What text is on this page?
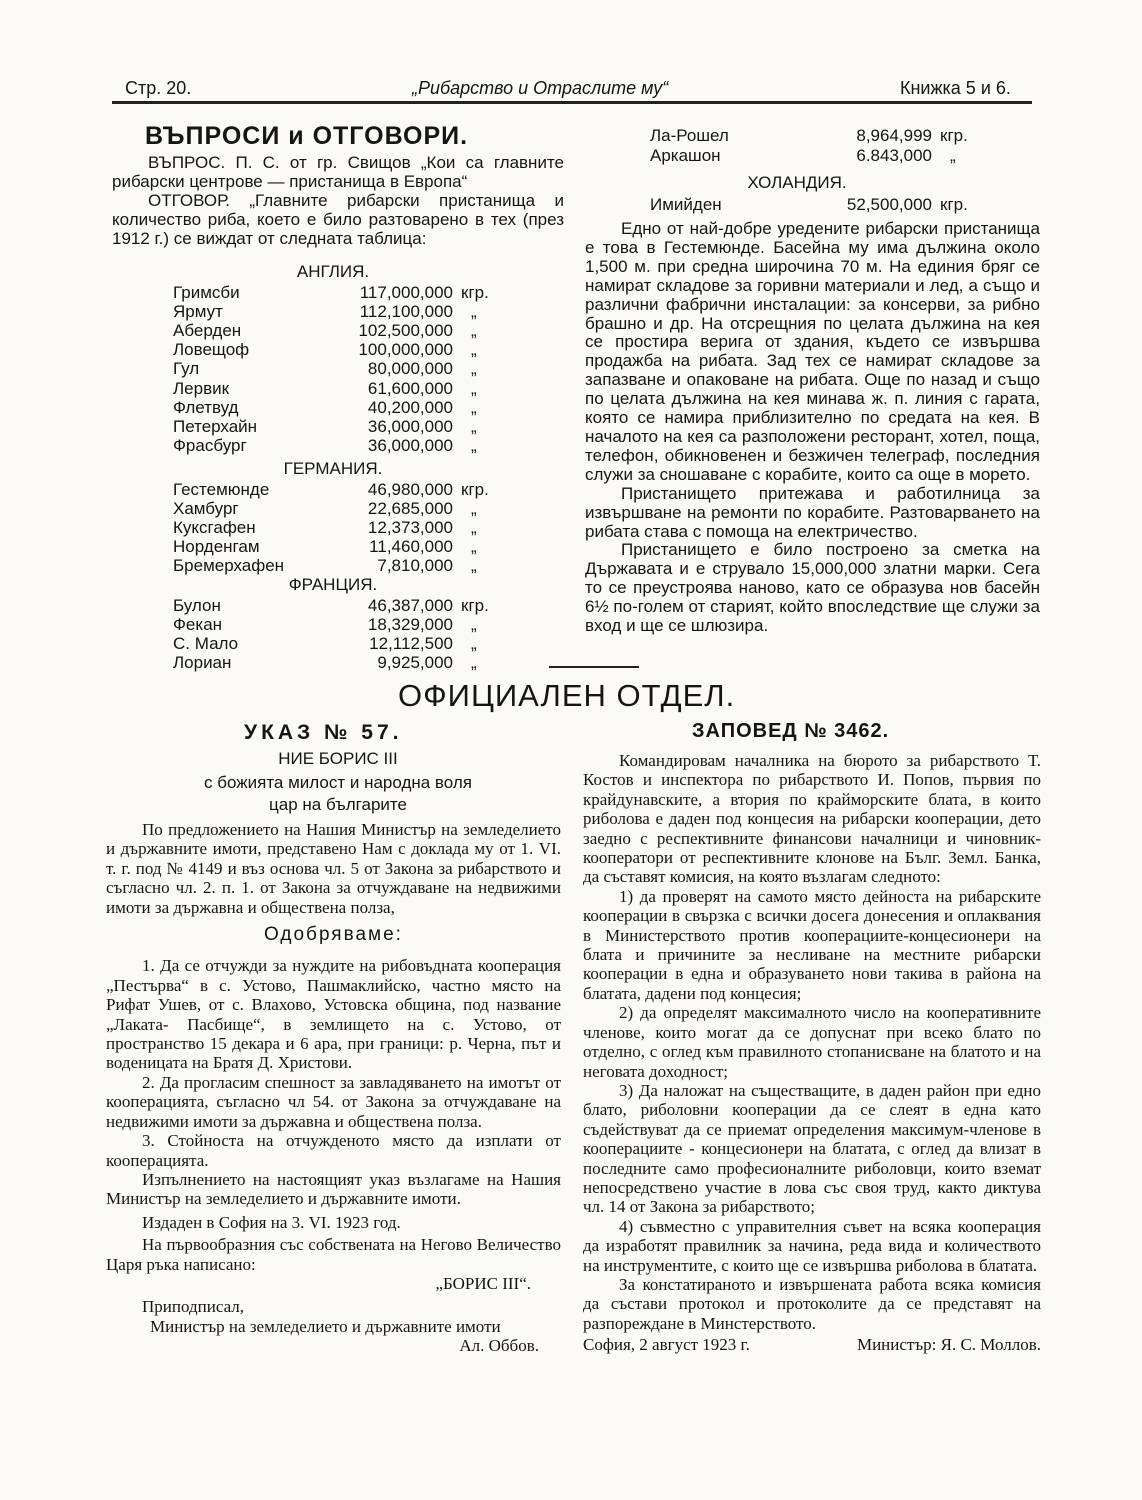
Стр. 20.	„Рибарство и Отраслите му“	Книжка 5 и 6.
ВЪПРОСИ и ОТГОВОРИ.
ВЪПРОС. П. С. от гр. Свищов „Кои са главните рибарски центрове — пристанища в Европа“
ОТГОВОР. „Главните рибарски пристанища и количество риба, което е било разтоварено в тех (през 1912 г.) се виждат от следната таблица:
АНГЛИЯ.
Гримсби	117,000,000 кгр.
Ярмут	112,100,000 „
Аберден	102,500,000 „
Ловещоф	100,000,000 „
Гул	80,000,000 „
Лервик	61,600,000 „
Флетвуд	40,200,000 „
Петерхайн	36,000,000 „
Фрасбург	36,000,000 „
ГЕРМАНИЯ.
Гестемюнде	46,980,000 кгр.
Хамбург	22,685,000 „
Куксгафен	12,373,000 „
Норденгам	11,460,000 „
Бремерхафен	7,810,000 „
ФРАНЦИЯ.
Булон	46,387,000 кгр.
Фекан	18,329,000 „
С. Мало	12,112,500 „
Лориан	9,925,000 „
Ла-Рошел	8,964,999 кгр.
Аркашон	6.843,000 „
ХОЛАНДИЯ.
Имийден	52,500,000 кгр.
Едно от най-добре уредените рибарски пристанища е това в Гестемюнде. Басейна му има дължина около 1,500 м. при средна широчина 70 м. На единия бряг се намират складове за горивни материали и лед, а също и различни фабрични инсталации: за консерви, за рибно брашно и др. На отсрещния по целата дължина на кея се простира верига от здания, където се извършва продажба на рибата. Зад тех се намират складове за запазване и опаковане на рибата. Още по назад и също по целата дължина на кея минава ж. п. линия с гарата, която се намира приблизително по средата на кея. В началото на кея са разположени ресторант, хотел, поща, телефон, обикновенен и безжичен телеграф, последния служи за сношаване с корабите, които са още в морето.
Пристанището притежава и работилница за извършване на ремонти по корабите. Разтоварването на рибата става с помоща на електричество.
Пристанището е било построено за сметка на Държавата и е струвало 15,000,000 златни марки. Сега то се преустроява наново, като се образува нов басейн 6½ по-голем от старият, който впоследствие ще служи за вход и ще се шлюзира.
ОФИЦИАЛЕН ОТДЕЛ.
УКАЗ № 57.
НИЕ БОРИС III
с божията милост и народна воля
цар на българите
По предложението на Нашия Министър на земледелието и държавните имоти, представено Нам с доклада му от 1. VI. т. г. под № 4149 и въз основа чл. 5 от Закона за рибарството и съгласно чл. 2. п. 1. от Закона за отчуждаване на недвижими имоти за държавна и обществена полза,
Одобряваме:
1. Да се отчужди за нуждите на рибовъдната кооперация „Пестърва“ в с. Устово, Пашмаклийско, частно място на Рифат Ушев, от с. Влахово, Устовска община, под название „Лаката- Пасбище“, в землището на с. Устово, от пространство 15 декара и 6 ара, при граници: р. Черна, път и воденицата на Братя Д. Христови.
2. Да прогласим спешност за завладяването на имотът от кооперацията, съгласно чл 54. от Закона за отчуждаване на недвижими имоти за държавна и обществена полза.
3. Стойноста на отчужденото място да изплати от кооперацията.
Изпълнението на настоящият указ възлагаме на Нашия Министър на земледелието и държавните имоти.
Издаден в София на 3. VI. 1923 год.
На първообразния със собствената на Негово Величество Царя ръка написано:
„БОРИС III“.
Приподписал,
Министър на земледелието и държавните имоти
Ал. Оббов.
ЗАПОВЕД № 3462.
Командировам началника на бюрото за рибарството Т. Костов и инспектора по рибарството И. Попов, първия по крайдунавските, а втория по крайморските блата, в които риболова е даден под концесия на рибарски кооперации, дето заедно с респективните финансови началници и чиновник-кооператори от респективните клонове на Бълг. Земл. Банка, да съставят комисия, на която възлагам следното:
1) да проверят на самото място дейноста на рибарските кооперации в свързка с всички досега донесения и оплаквания в Министерството против кооперациите-концесионери на блата и причините за несливане на местните рибарски кооперации в една и образуването нови такива в района на блатата, дадени под концесия;
2) да определят максималното число на кооперативните членове, които могат да се допуснат при всеко блато по отделно, с оглед към правилното стопанисване на блатото и на неговата доходност;
3) Да наложат на съществащите, в даден район при едно блато, риболовни кооперации да се слеят в една като съдействуват да се приемат определения максимум-членове в кооперациите - концесионери на блатата, с оглед да влизат в последните само професионалните риболовци, които вземат непосредствено участие в лова със своя труд, както диктува чл. 14 от Закона за рибарството;
4) съвместно с управителния съвет на всяка кооперация да изработят правилник за начина, реда вида и количеството на инструментите, с които ще се извършва риболова в блатата.
За констатираното и извършената работа всяка комисия да състави протокол и протоколите да се представят на разпореждане в Минстерството.
София, 2 август 1923 г.	Министър: Я. С. Моллов.
